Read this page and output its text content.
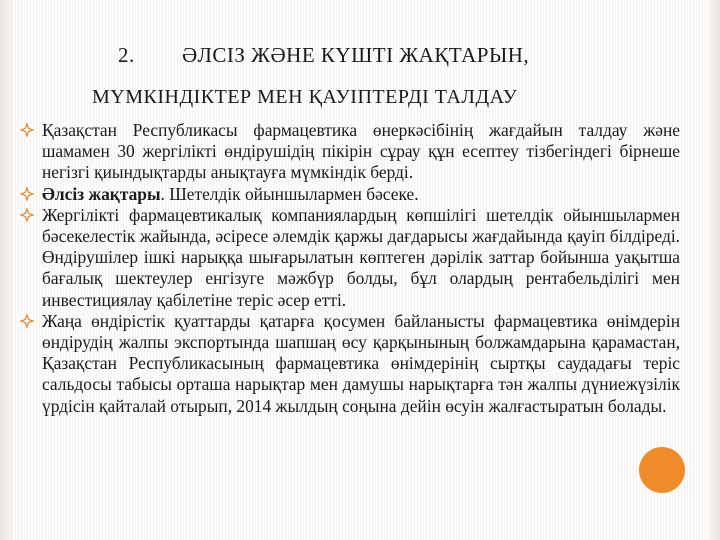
2. ӘЛСІЗ ЖӘНЕ КҮШТІ ЖАҚТАРЫН,
МҮМКІНДІКТЕР МЕН ҚАУІПТЕРДІ ТАЛДАУ
Қазақстан Республикасы фармацевтика өнеркәсібінің жағдайын талдау және шамамен 30 жергілікті өндірушідің пікірін сұрау құн есептеу тізбегіндегі бірнеше негізгі қиындықтарды анықтауға мүмкіндік берді.
Әлсіз жақтары. Шетелдік ойыншылармен бәсеке.
Жергілікті фармацевтикалық компаниялардың көпшілігі шетелдік ойыншылармен бәсекелестік жайында, әсіресе әлемдік қаржы дағдарысы жағдайында қауіп білдіреді. Өндірушілер ішкі нарыққа шығарылатын көптеген дәрілік заттар бойынша уақытша бағалық шектеулер енгізуге мәжбүр болды, бұл олардың рентабельділігі мен инвестициялау қабілетіне теріс әсер етті.
Жаңа өндірістік қуаттарды қатарға қосумен байланысты фармацевтика өнімдерін өндірудің жалпы экспортында шапшаң өсу қарқынының болжамдарына қарамастан, Қазақстан Республикасының фармацевтика өнімдерінің сыртқы саудадағы теріс сальдосы табысы орташа нарықтар мен дамушы нарықтарға тән жалпы дүниежүзілік үрдісін қайталай отырып, 2014 жылдың соңына дейін өсуін жалғастыратын болады.
